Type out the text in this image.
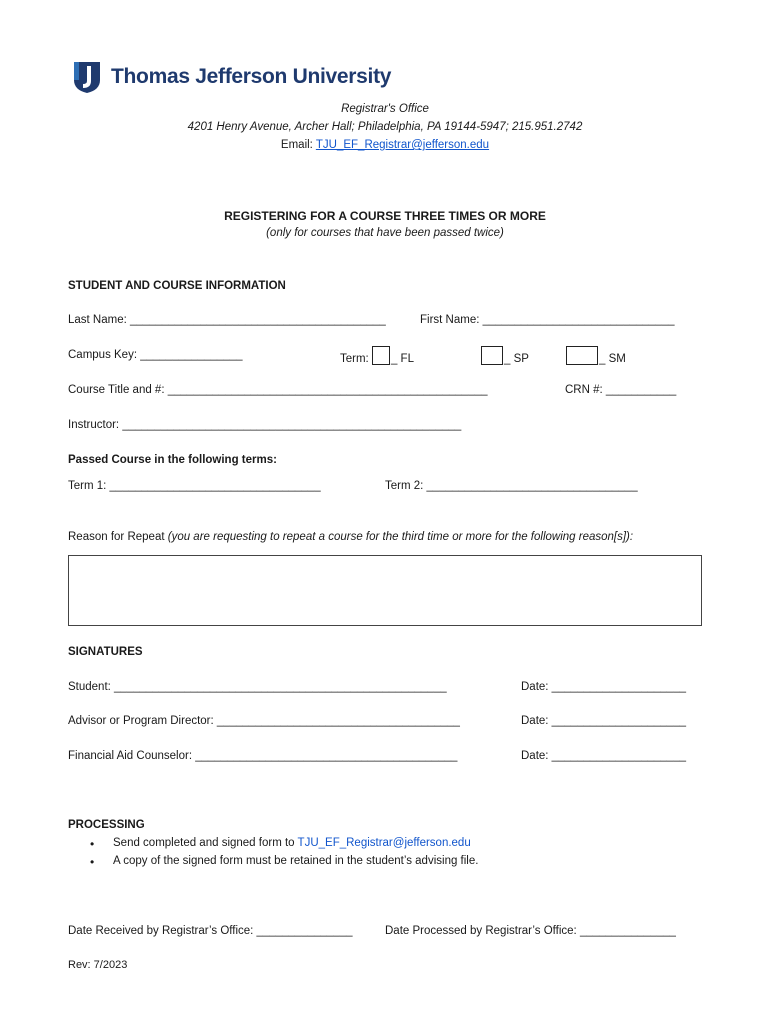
Thomas Jefferson University
Registrar's Office
4201 Henry Avenue, Archer Hall; Philadelphia, PA 19144-5947; 215.951.2742
Email: TJU_EF_Registrar@jefferson.edu
REGISTERING FOR A COURSE THREE TIMES OR MORE
(only for courses that have been passed twice)
STUDENT AND COURSE INFORMATION
Last Name: ________________________________________	First Name: ______________________________
Campus Key: ________________	Term: _ FL	_ SP	_ SM
Course Title and #: __________________________________________________	CRN #: ___________
Instructor: _____________________________________________________
Passed Course in the following terms:
Term 1: _________________________________	Term 2: _________________________________
Reason for Repeat (you are requesting to repeat a course for the third time or more for the following reason[s]):
SIGNATURES
Student: ____________________________________________________	Date: _____________________
Advisor or Program Director: ______________________________________	Date: _____________________
Financial Aid Counselor: _________________________________________	Date: _____________________
PROCESSING
• Send completed and signed form to TJU_EF_Registrar@jefferson.edu
• A copy of the signed form must be retained in the student’s advising file.
Date Received by Registrar’s Office: _______________	Date Processed by Registrar’s Office: _______________
Rev: 7/2023
